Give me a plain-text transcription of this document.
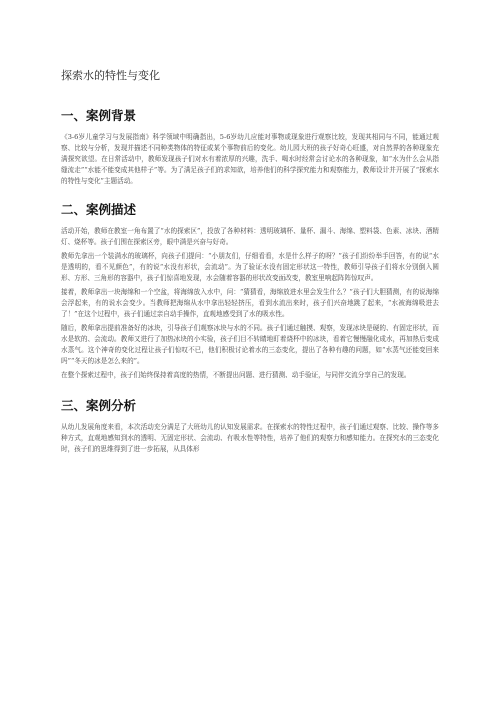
探索水的特性与变化
一、案例背景

《3-6岁儿童学习与发展指南》科学领域中明确指出，5-6岁幼儿应能对事物或现象进行观察比较，发现其相同与不同，能通过观察、比较与分析，发现并描述不同种类物体的特征或某个事物前后的变化。幼儿园大班的孩子好奇心旺盛，对自然界的各种现象充满探究欲望。在日常活动中，教师发现孩子们对水有着浓厚的兴趣，洗手、喝水时经常会讨论水的各种现象，如“水为什么会从指缝流走”“水能不能变成其他样子”等。为了满足孩子们的求知欲，培养他们的科学探究能力和观察能力，教师设计并开展了“探索水的特性与变化”主题活动。

二、案例描述

活动开始，教师在教室一角布置了“水的探索区”，投放了各种材料：透明玻璃杯、量杯、漏斗、海绵、塑料袋、色素、冰块、酒精灯、烧杯等。孩子们围在探索区旁，眼中满是兴奋与好奇。

教师先拿出一个装满水的玻璃杯，向孩子们提问：“小朋友们，仔细看看，水是什么样子的呀？”孩子们纷纷举手回答，有的说“水是透明的，看不见颜色”，有的说“水没有形状，会流动”。为了验证水没有固定形状这一特性，教师引导孩子们将水分别倒入圆形、方形、三角形的容器中，孩子们惊喜地发现，水会随着容器的形状改变面改变，教室里响起阵阵惊叹声。

接着，教师拿出一块海绵和一个空盆，将海绵放入水中，问：“猜猜看，海绵放进水里会发生什么？”孩子们大胆猜测，有的说海绵会浮起来，有的说水会变少。当教师把海绵从水中拿出轻轻挤压，看到水流出来时，孩子们兴奋地跳了起来，“水被海绵吸进去了！”在这个过程中，孩子们通过亲自动手操作，直观地感受到了水的吸水性。

随后，教师拿出提前准备好的冰块，引导孩子们观察冰块与水的不同。孩子们通过触摸、观察，发现冰块是硬的、有固定形状，而水是软的、会流动。教师又进行了加热冰块的小实验，孩子们目不转睛地盯着烧杯中的冰块，看着它慢慢融化成水，再加热后变成水蒸气。这个神奇的变化过程让孩子们惊叹不已，他们积极讨论着水的三态变化，提出了各种有趣的问题，如“水蒸气还能变回来吗”“冬天的冰是怎么来的”。

在整个探索过程中，孩子们始终保持着高度的热情，不断提出问题、进行猜测、动手验证，与同伴交流分享自己的发现。

三、案例分析

从幼儿发展角度来看，本次活动充分满足了大班幼儿的认知发展需求。在探索水的特性过程中，孩子们通过观察、比较、操作等多种方式，直观地感知到水的透明、无固定形状、会流动、有吸水性等特性，培养了他们的观察力和感知能力。在探究水的三态变化时，孩子们的思维得到了进一步拓展，从具体形
